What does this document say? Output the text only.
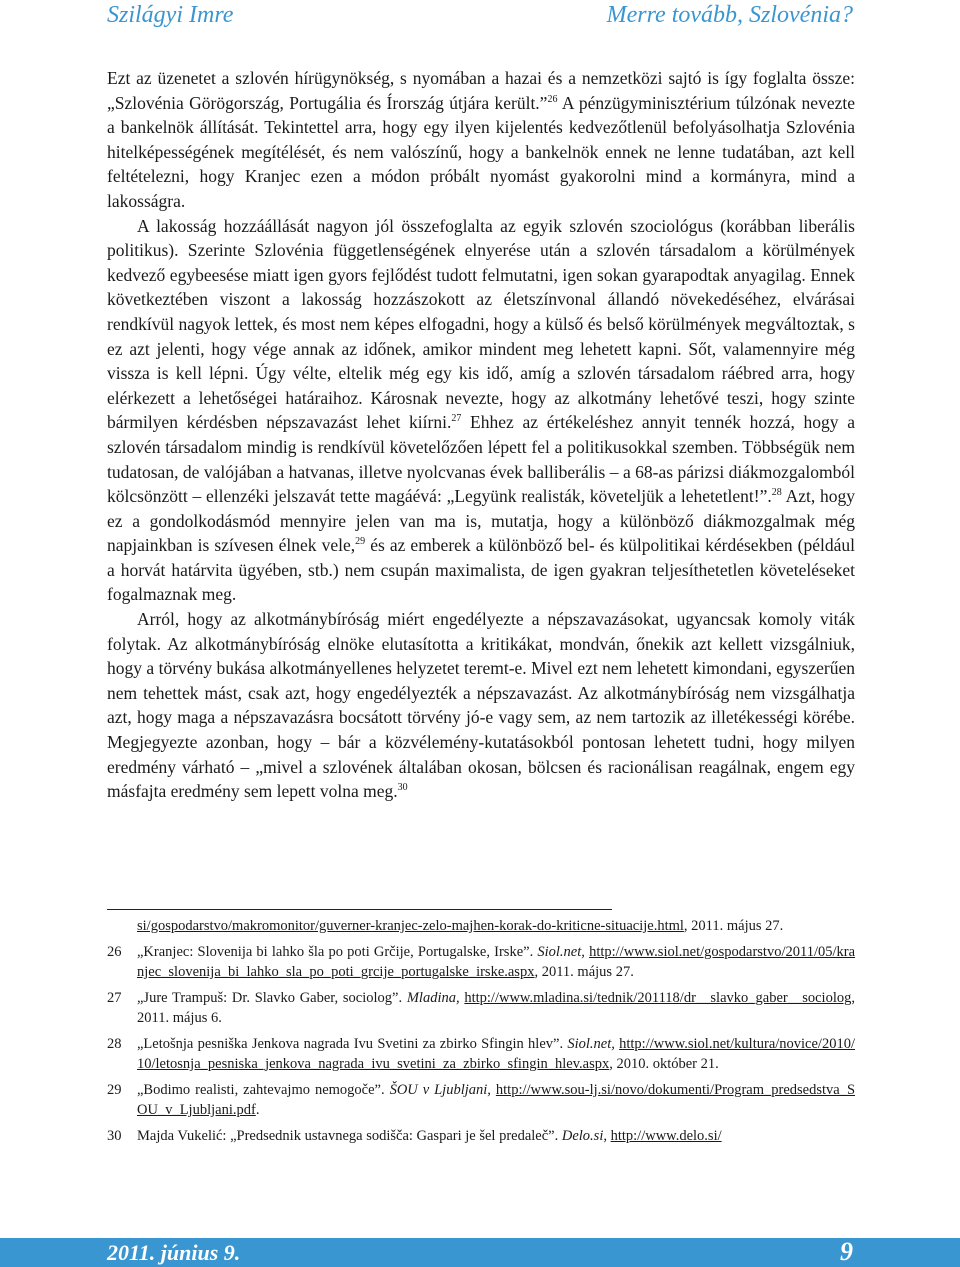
Szilágyi Imre	Merre tovább, Szlovénia?

Ezt az üzenetet a szlovén hírügynökség, s nyomában a hazai és a nemzetközi sajtó is így foglalta össze: „Szlovénia Görögország, Portugália és Írország útjára került.”$^{26}$ A pénzügyminisztérium túlzónak nevezte a bankelnök állítását. Tekintettel arra, hogy egy ilyen kijelentés kedvezőtlenül befolyásolhatja Szlovénia hitelképességének megítélését, és nem valószínű, hogy a bankelnök ennek ne lenne tudatában, azt kell feltételezni, hogy Kranjec ezen a módon próbált nyomást gyakorolni mind a kormányra, mind a lakosságra.

A lakosság hozzáállását nagyon jól összefoglalta az egyik szlovén szociológus (korábban liberális politikus). Szerinte Szlovénia függetlenségének elnyerése után a szlovén társadalom a körülmények kedvező egybeesése miatt igen gyors fejlődést tudott felmutatni, igen sokan gyarapodtak anyagilag. Ennek következtében viszont a lakosság hozzászokott az életszínvonal állandó növekedéséhez, elvárásai rendkívül nagyok lettek, és most nem képes elfogadni, hogy a külső és belső körülmények megváltoztak, s ez azt jelenti, hogy vége annak az időnek, amikor mindent meg lehetett kapni. Sőt, valamennyire még vissza is kell lépni. Úgy vélte, eltelik még egy kis idő, amíg a szlovén társadalom ráébred arra, hogy elérkezett a lehetőségei határaihoz. Károsnak nevezte, hogy az alkotmány lehetővé teszi, hogy szinte bármilyen kérdésben népszavazást lehet kiírni.$^{27}$ Ehhez az értékeléshez annyit tennék hozzá, hogy a szlovén társadalom mindig is rendkívül követelőzően lépett fel a politikusokkal szemben. Többségük nem tudatosan, de valójában a hatvanas, illetve nyolcvanas évek balliberális – a 68-as párizsi diákmozgalomból kölcsönzött – ellenzéki jelszavát tette magáévá: „Legyünk realisták, követeljük a lehetetlent!”.$^{28}$ Azt, hogy ez a gondolkodásmód mennyire jelen van ma is, mutatja, hogy a különböző diákmozgalmak még napjainkban is szívesen élnek vele,$^{29}$ és az emberek a különböző bel- és külpolitikai kérdésekben (például a horvát határvita ügyében, stb.) nem csupán maximalista, de igen gyakran teljesíthetetlen követeléseket fogalmaznak meg.

Arról, hogy az alkotmánybíróság miért engedélyezte a népszavazásokat, ugyancsak komoly viták folytak. Az alkotmánybíróság elnöke elutasította a kritikákat, mondván, őnekik azt kellett vizsgálniuk, hogy a törvény bukása alkotmányellenes helyzetet teremt-e. Mivel ezt nem lehetett kimondani, egyszerűen nem tehettek mást, csak azt, hogy engedélyezték a népszavazást. Az alkotmánybíróság nem vizsgálhatja azt, hogy maga a népszavazásra bocsátott törvény jó-e vagy sem, az nem tartozik az illetékességi körébe. Megjegyezte azonban, hogy – bár a közvélemény-kutatásokból pontosan lehetett tudni, hogy milyen eredmény várható – „mivel a szlovének általában okosan, bölcsen és racionálisan reagálnak, engem egy másfajta eredmény sem lepett volna meg.$^{30}$

si/gospodarstvo/makromonitor/guverner-kranjec-zelo-majhen-korak-do-kriticne-situacije.html, 2011. május 27.
26	„Kranjec: Slovenija bi lahko šla po poti Grčije, Portugalske, Irske”. Siol.net, http://www.siol.net/gospodarstvo/2011/05/kranjec_slovenija_bi_lahko_sla_po_poti_grcije_portugalske_irske.aspx, 2011. május 27.
27	„Jure Trampuš: Dr. Slavko Gaber, sociolog”. Mladina, http://www.mladina.si/tednik/201118/dr__slavko_gaber__sociolog, 2011. május 6.
28	„Letošnja pesniška Jenkova nagrada Ivu Svetini za zbirko Sfingin hlev”. Siol.net, http://www.siol.net/kultura/novice/2010/10/letosnja_pesniska_jenkova_nagrada_ivu_svetini_za_zbirko_sfingin_hlev.aspx, 2010. október 21.
29	„Bodimo realisti, zahtevajmo nemogoče”. ŠOU v Ljubljani, http://www.sou-lj.si/novo/dokumenti/Program_predsedstva_SOU_v_Ljubljani.pdf.
30	Majda Vukelić: „Predsednik ustavnega sodišča: Gaspari je šel predaleč”. Delo.si, http://www.delo.si/
2011. június 9.	9
